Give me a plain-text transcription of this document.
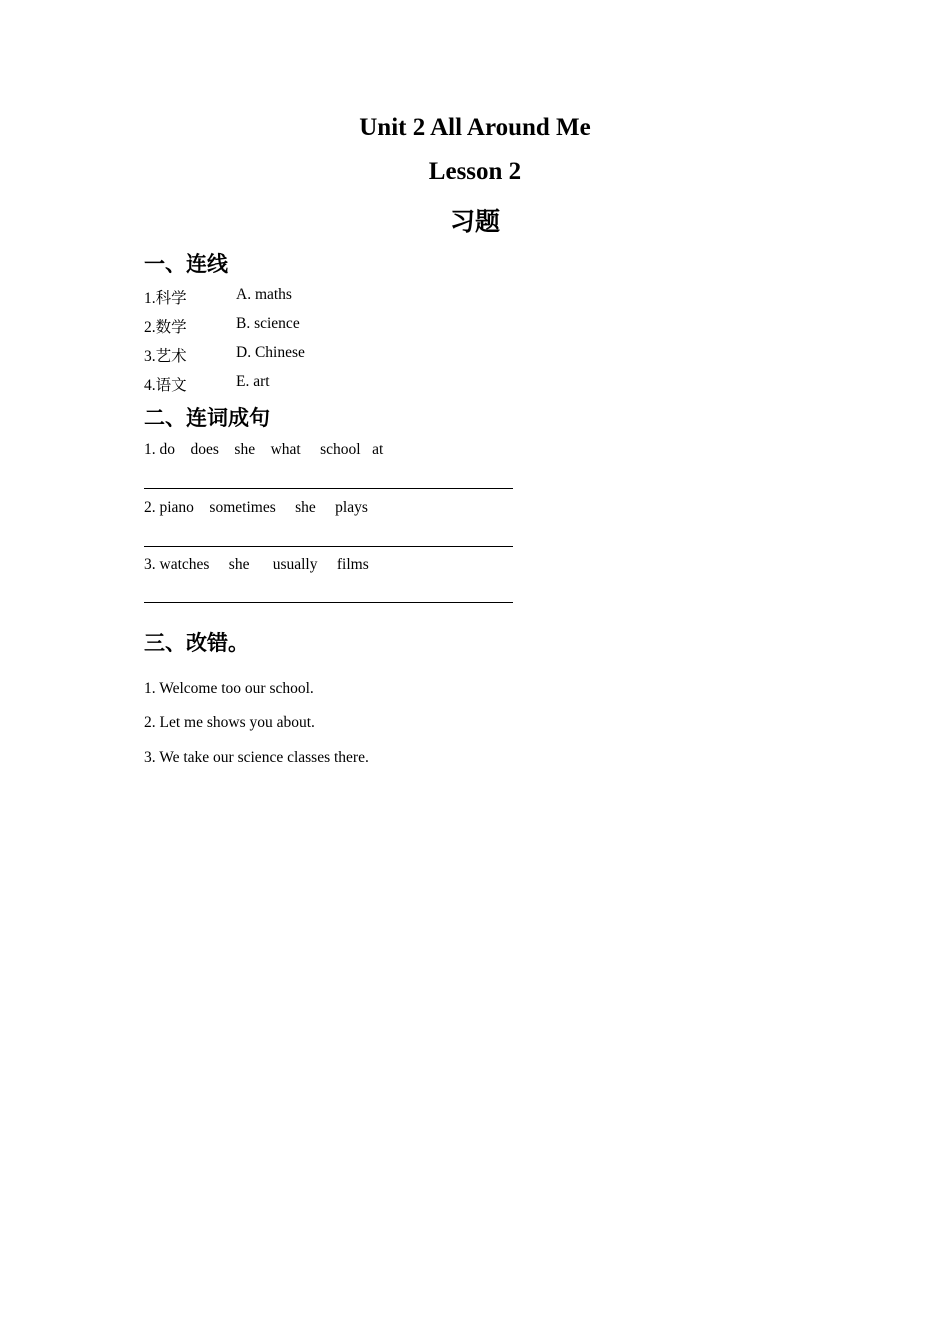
Unit 2 All Around Me
Lesson 2
习题
一、连线
1.科学	A. maths
2.数学	B. science
3.艺术	D. Chinese
4.语文	E. art
二、连词成句
1. do    does    she    what     school   at
2. piano    sometimes     she     plays
3. watches     she      usually     films
三、改错。
1. Welcome too our school.
2. Let me shows you about.
3. We take our science classes there.
